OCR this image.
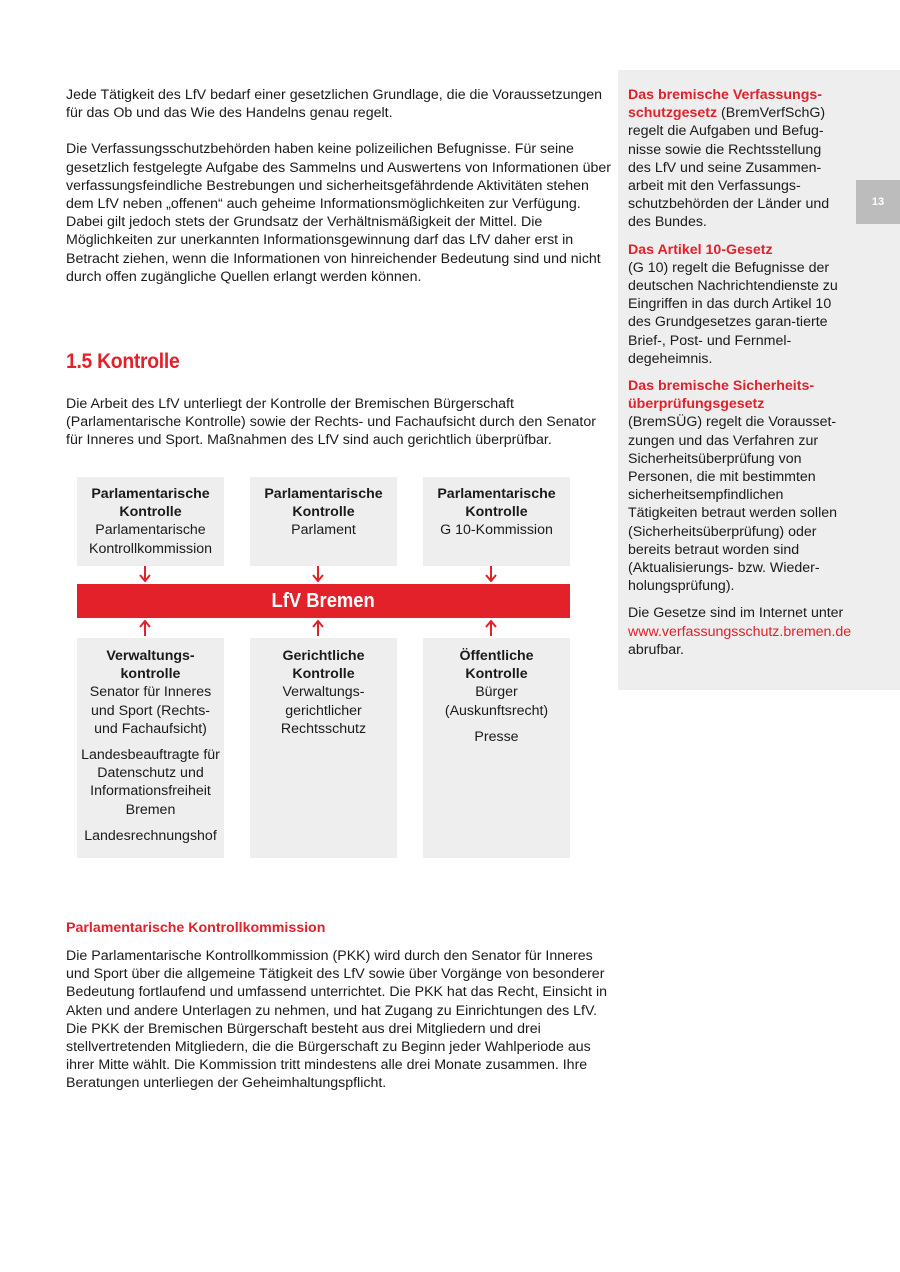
Jede Tätigkeit des LfV bedarf einer gesetzlichen Grundlage, die die Voraussetzungen für das Ob und das Wie des Handelns genau regelt.

Die Verfassungsschutzbehörden haben keine polizeilichen Befugnisse. Für seine gesetzlich festgelegte Aufgabe des Sammelns und Auswertens von Informationen über verfassungsfeindliche Bestrebungen und sicherheitsgefährdende Aktivitäten stehen dem LfV neben „offenen“ auch geheime Informationsmöglichkeiten zur Verfügung. Dabei gilt jedoch stets der Grundsatz der Verhältnismäßigkeit der Mittel. Die Möglichkeiten zur unerkannten Informationsgewinnung darf das LfV daher erst in Betracht ziehen, wenn die Informationen von hinreichender Bedeutung sind und nicht durch offen zugängliche Quellen erlangt werden können.

1.5 Kontrolle

Die Arbeit des LfV unterliegt der Kontrolle der Bremischen Bürgerschaft (Parlamentarische Kontrolle) sowie der Rechts- und Fachaufsicht durch den Senator für Inneres und Sport. Maßnahmen des LfV sind auch gerichtlich überprüfbar.

Parlamentarische Kontrolle
Parlamentarische Kontrollkommission
Parlamentarische Kontrolle
Parlament
Parlamentarische Kontrolle
G 10-Kommission
LfV Bremen
Verwaltungs-kontrolle
Senator für Inneres und Sport (Rechts- und Fachaufsicht)
Landesbeauftragte für Datenschutz und Informationsfreiheit Bremen
Landesrechnungshof
Gerichtliche Kontrolle
Verwaltungs-gerichtlicher Rechtsschutz
Öffentliche Kontrolle
Bürger (Auskunftsrecht)
Presse
Parlamentarische Kontrollkommission

Die Parlamentarische Kontrollkommission (PKK) wird durch den Senator für Inneres und Sport über die allgemeine Tätigkeit des LfV sowie über Vorgänge von besonderer Bedeutung fortlaufend und umfassend unterrichtet. Die PKK hat das Recht, Einsicht in Akten und andere Unterlagen zu nehmen, und hat Zugang zu Einrichtungen des LfV. Die PKK der Bremischen Bürgerschaft besteht aus drei Mitgliedern und drei stellvertretenden Mitgliedern, die die Bürgerschaft zu Beginn jeder Wahlperiode aus ihrer Mitte wählt. Die Kommission tritt mindestens alle drei Monate zusammen. Ihre Beratungen unterliegen der Geheimhaltungspflicht.

Das bremische Verfassungs-schutzgesetz (BremVerfSchG) regelt die Aufgaben und Befug-nisse sowie die Rechtsstellung des LfV und seine Zusammen-arbeit mit den Verfassungs-schutzbehörden der Länder und des Bundes.

Das Artikel 10-Gesetz
(G 10) regelt die Befugnisse der deutschen Nachrichtendienste zu Eingriffen in das durch Artikel 10 des Grundgesetzes garan-tierte Brief-, Post- und Fernmel-degeheimnis.

Das bremische Sicherheits-überprüfungsgesetz
(BremSÜG) regelt die Vorausset-zungen und das Verfahren zur Sicherheitsüberprüfung von Personen, die mit bestimmten sicherheitsempfindlichen Tätigkeiten betraut werden sollen (Sicherheitsüberprüfung) oder bereits betraut worden sind (Aktualisierungs- bzw. Wieder-holungsprüfung).

Die Gesetze sind im Internet unter www.verfassungsschutz.bremen.de abrufbar.

13
